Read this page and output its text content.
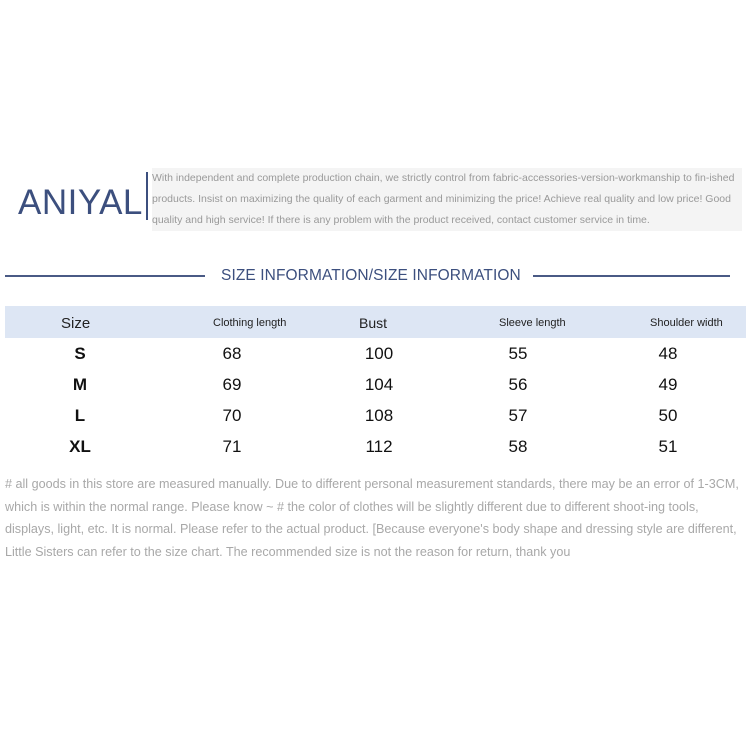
ANIYAL
With independent and complete production chain, we strictly control from fabric-accessories-version-workmanship to fin-ished products. Insist on maximizing the quality of each garment and minimizing the price! Achieve real quality and low price! Good quality and high service! If there is any problem with the product received, contact customer service in time.
SIZE INFORMATION/SIZE INFORMATION
Size	Clothing length	Bust	Sleeve length	Shoulder width
S	68	100	55	48
M	69	104	56	49
L	70	108	57	50
XL	71	112	58	51
# all goods in this store are measured manually. Due to different personal measurement standards, there may be an error of 1-3CM, which is within the normal range. Please know ~ # the color of clothes will be slightly different due to different shoot-ing tools, displays, light, etc. It is normal. Please refer to the actual product. [Because everyone's body shape and dressing style are different, Little Sisters can refer to the size chart. The recommended size is not the reason for return, thank you
